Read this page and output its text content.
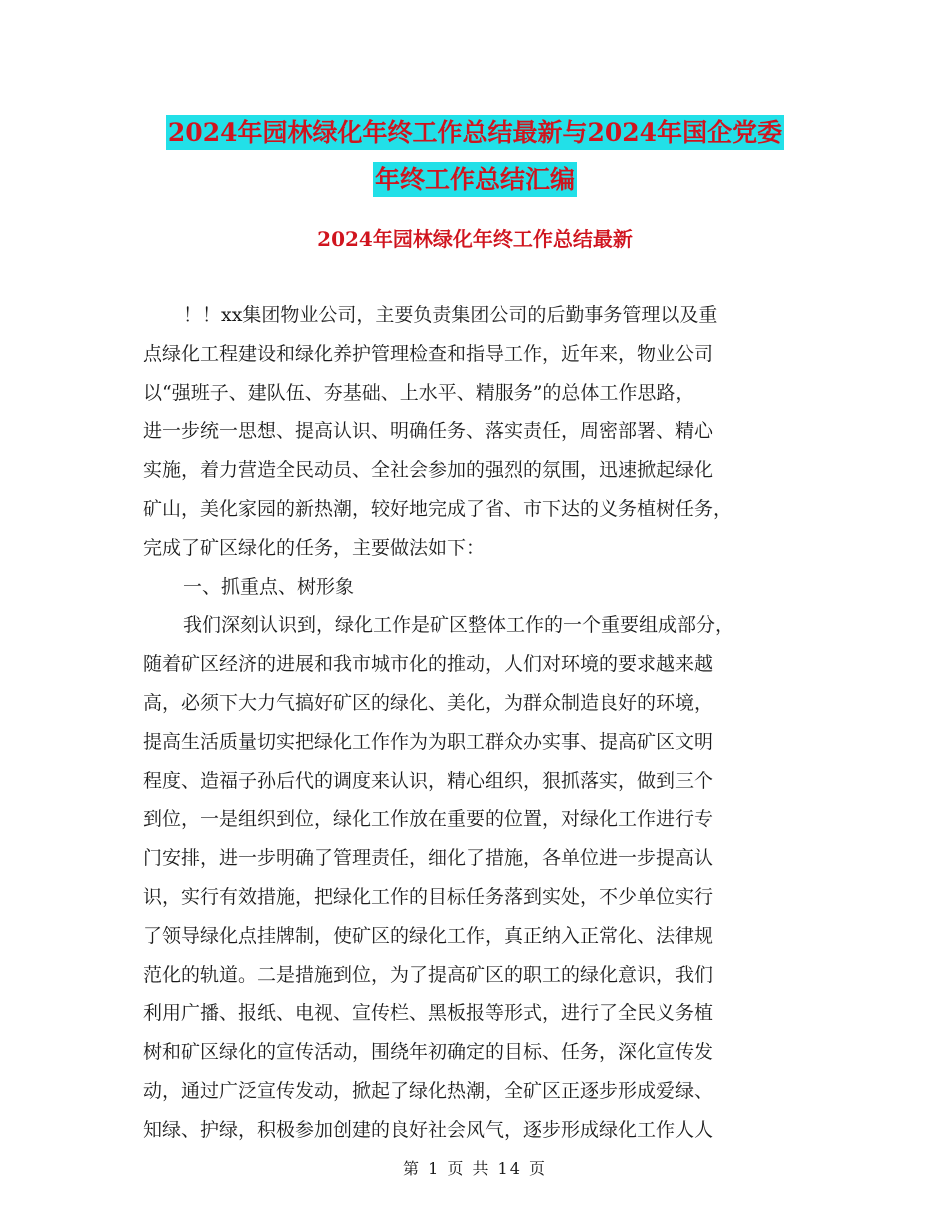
2024年园林绿化年终工作总结最新与2024年国企党委
年终工作总结汇编
2024年园林绿化年终工作总结最新
！！xx集团物业公司，主要负责集团公司的后勤事务管理以及重
点绿化工程建设和绿化养护管理检查和指导工作，近年来，物业公司
以“强班子、建队伍、夯基础、上水平、精服务”的总体工作思路，
进一步统一思想、提高认识、明确任务、落实责任，周密部署、精心
实施，着力营造全民动员、全社会参加的强烈的氛围，迅速掀起绿化
矿山，美化家园的新热潮，较好地完成了省、市下达的义务植树任务，
完成了矿区绿化的任务，主要做法如下：
一、抓重点、树形象
我们深刻认识到，绿化工作是矿区整体工作的一个重要组成部分，
随着矿区经济的进展和我市城市化的推动，人们对环境的要求越来越
高，必须下大力气搞好矿区的绿化、美化，为群众制造良好的环境，
提高生活质量切实把绿化工作作为为职工群众办实事、提高矿区文明
程度、造福子孙后代的调度来认识，精心组织，狠抓落实，做到三个
到位，一是组织到位，绿化工作放在重要的位置，对绿化工作进行专
门安排，进一步明确了管理责任，细化了措施，各单位进一步提高认
识，实行有效措施，把绿化工作的目标任务落到实处，不少单位实行
了领导绿化点挂牌制，使矿区的绿化工作，真正纳入正常化、法律规
范化的轨道。二是措施到位，为了提高矿区的职工的绿化意识，我们
利用广播、报纸、电视、宣传栏、黑板报等形式，进行了全民义务植
树和矿区绿化的宣传活动，围绕年初确定的目标、任务，深化宣传发
动，通过广泛宣传发动，掀起了绿化热潮，全矿区正逐步形成爱绿、
知绿、护绿，积极参加创建的良好社会风气，逐步形成绿化工作人人
第 1 页 共 14 页
